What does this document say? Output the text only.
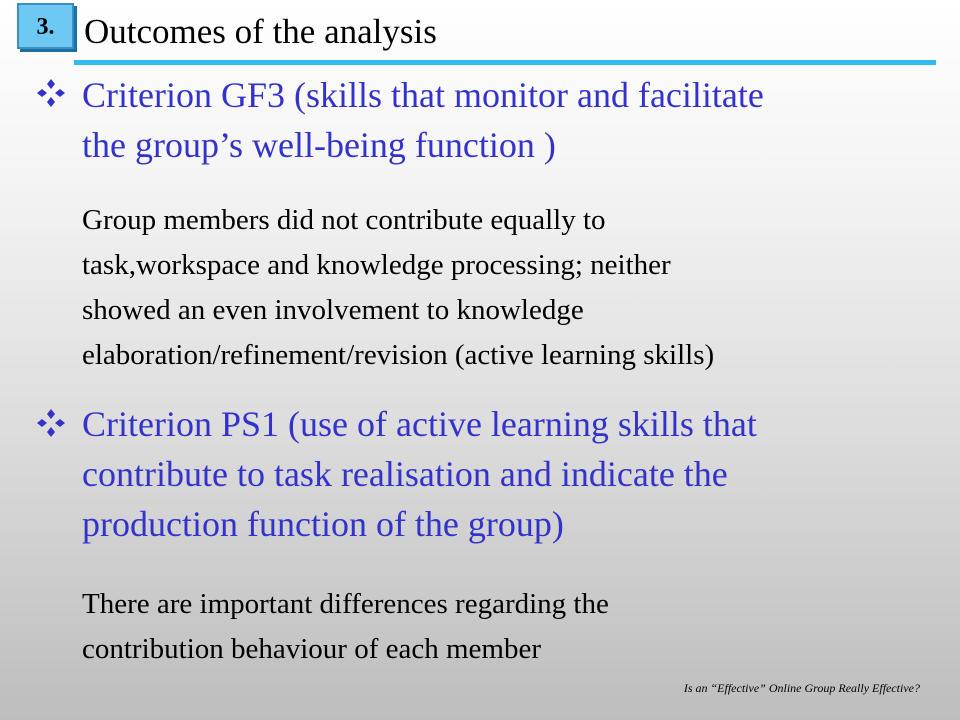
3. Outcomes of the analysis
Criterion GF3 (skills that monitor and facilitate
the group’s well-being function )
Group members did not contribute equally to
task,workspace and knowledge processing; neither
showed an even involvement to knowledge
elaboration/refinement/revision (active learning skills)
Criterion PS1 (use of active learning skills that
contribute to task realisation and indicate the
production function of the group)
There are important differences regarding the
contribution behaviour of each member
Is an “Effective” Online Group Really Effective?
